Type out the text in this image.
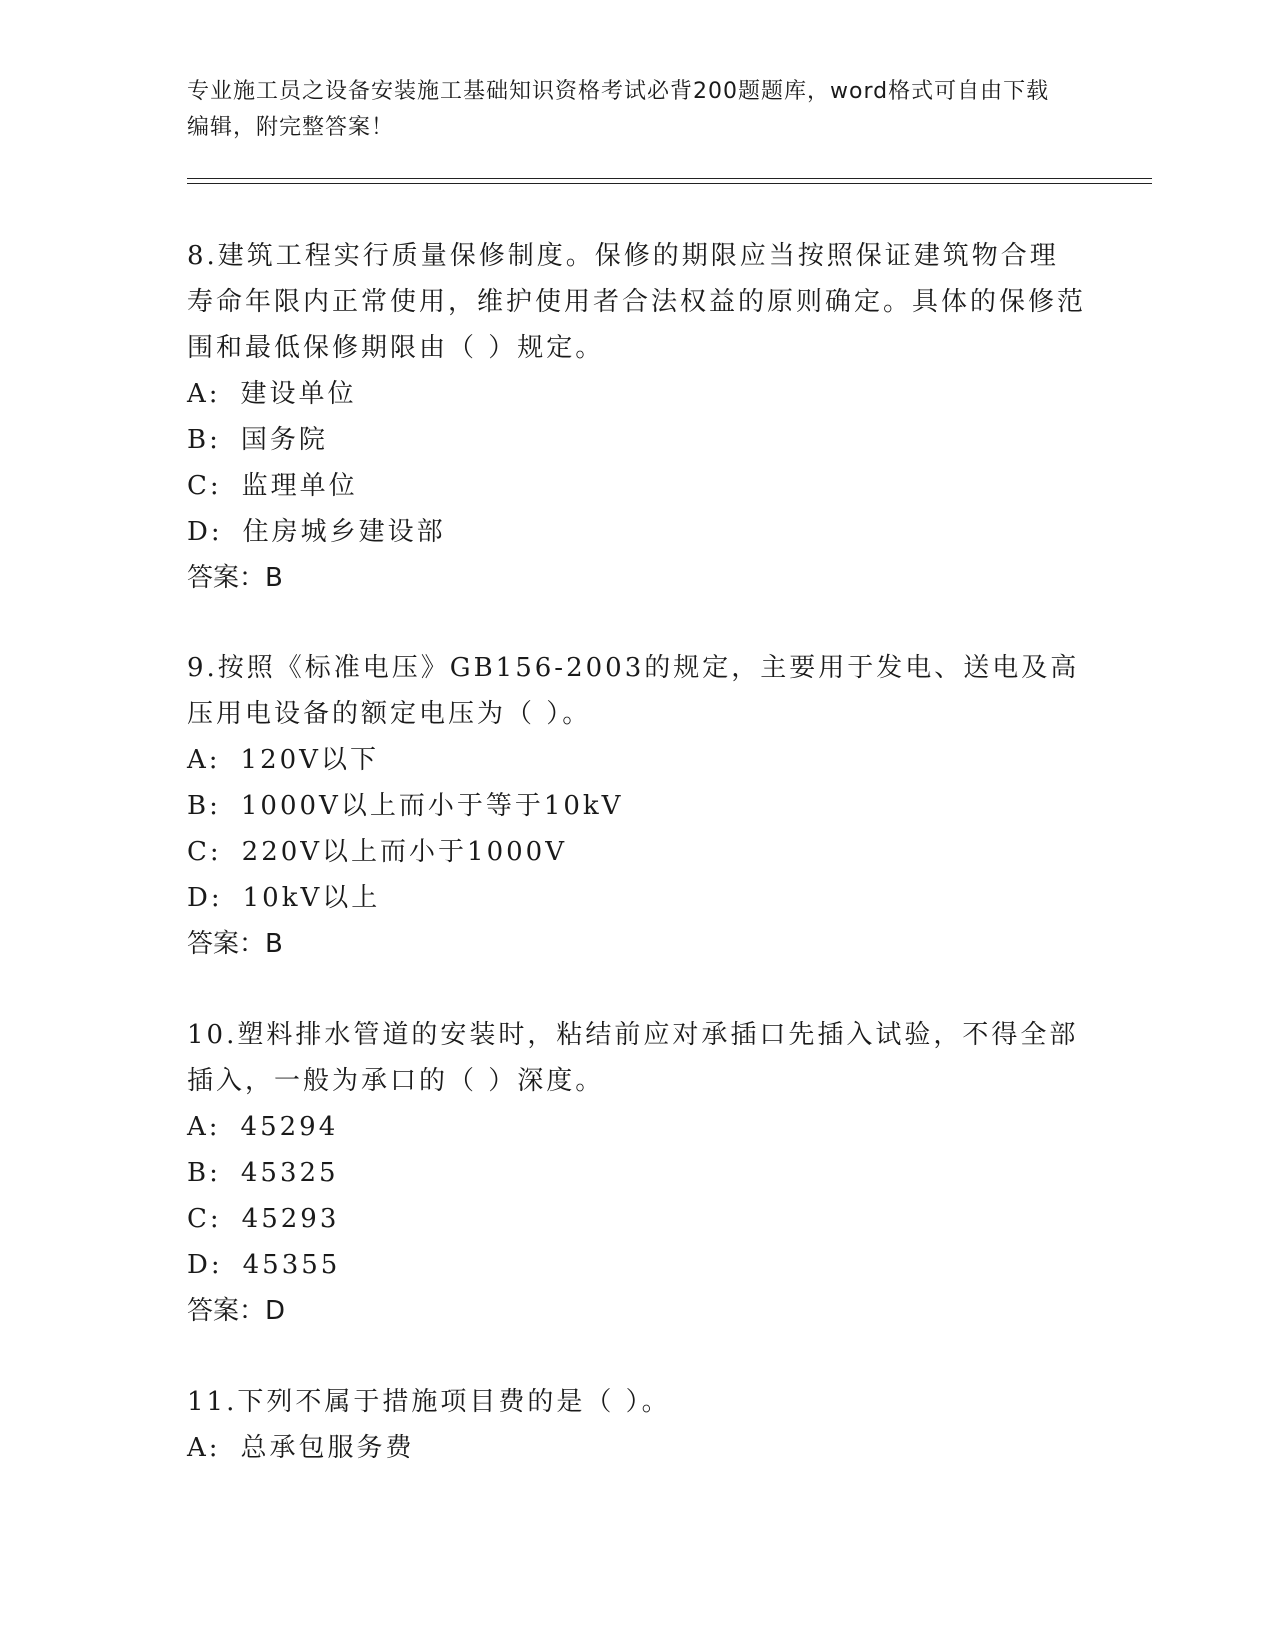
专业施工员之设备安装施工基础知识资格考试必背200题题库，word格式可自由下载编辑，附完整答案！

8.建筑工程实行质量保修制度。保修的期限应当按照保证建筑物合理寿命年限内正常使用，维护使用者合法权益的原则确定。具体的保修范围和最低保修期限由（ ）规定。

A: 建设单位

B: 国务院

C: 监理单位

D: 住房城乡建设部

答案：B

9.按照《标准电压》GB156-2003的规定，主要用于发电、送电及高压用电设备的额定电压为（ ）。

A: 120V以下

B: 1000V以上而小于等于10kV

C: 220V以上而小于1000V

D: 10kV以上

答案：B

10.塑料排水管道的安装时，粘结前应对承插口先插入试验，不得全部插入，一般为承口的（ ）深度。

A: 45294

B: 45325

C: 45293

D: 45355

答案：D

11.下列不属于措施项目费的是（ ）。

A: 总承包服务费
